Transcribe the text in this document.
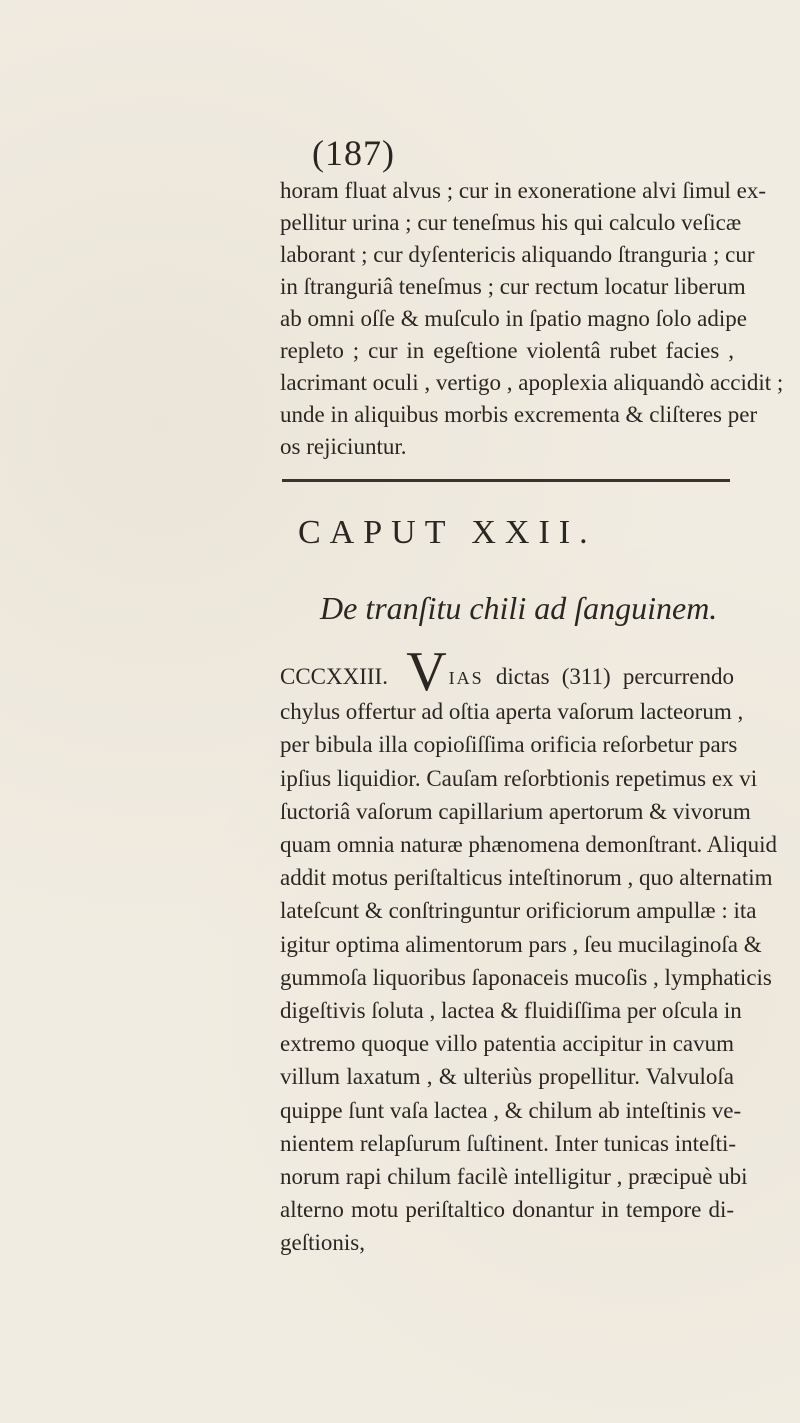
(187)
horam fluat alvus ; cur in exoneratione alvi ſimul ex-
pellitur urina ; cur teneſmus his qui calculo veſicæ
laborant ; cur dyſentericis aliquando ſtranguria ; cur
in ſtranguriâ teneſmus ; cur rectum locatur liberum
ab omni oſſe & muſculo in ſpatio magno ſolo adipe
repleto ; cur in egeſtione violentâ rubet facies ,
lacrimant oculi , vertigo , apoplexia aliquandò accidit ;
unde in aliquibus morbis excrementa & cliſteres per
os rejiciuntur.
CAPUT XXII.
De tranſitu chili ad ſanguinem.
CCCXXIII. V IAS dictas (311) percurrendo
chylus offertur ad oſtia aperta vaſorum lacteorum ,
per bibula illa copioſiſſima orificia reſorbetur pars
ipſius liquidior. Cauſam reſorbtionis repetimus ex vi
ſuctoriâ vaſorum capillarium apertorum & vivorum
quam omnia naturæ phænomena demonſtrant. Aliquid
addit motus periſtalticus inteſtinorum , quo alternatim
lateſcunt & conſtringuntur orificiorum ampullæ : ita
igitur optima alimentorum pars , ſeu mucilaginoſa &
gummoſa liquoribus ſaponaceis mucoſis , lymphaticis
digeſtivis ſoluta , lactea & fluidiſſima per oſcula in
extremo quoque villo patentia accipitur in cavum
villum laxatum , & ulteriùs propellitur. Valvuloſa
quippe ſunt vaſa lactea , & chilum ab inteſtinis ve-
nientem relapſurum ſuſtinent. Inter tunicas inteſti-
norum rapi chilum facilè intelligitur , præcipuè ubi
alterno motu periſtaltico donantur in tempore di-
geſtionis,
